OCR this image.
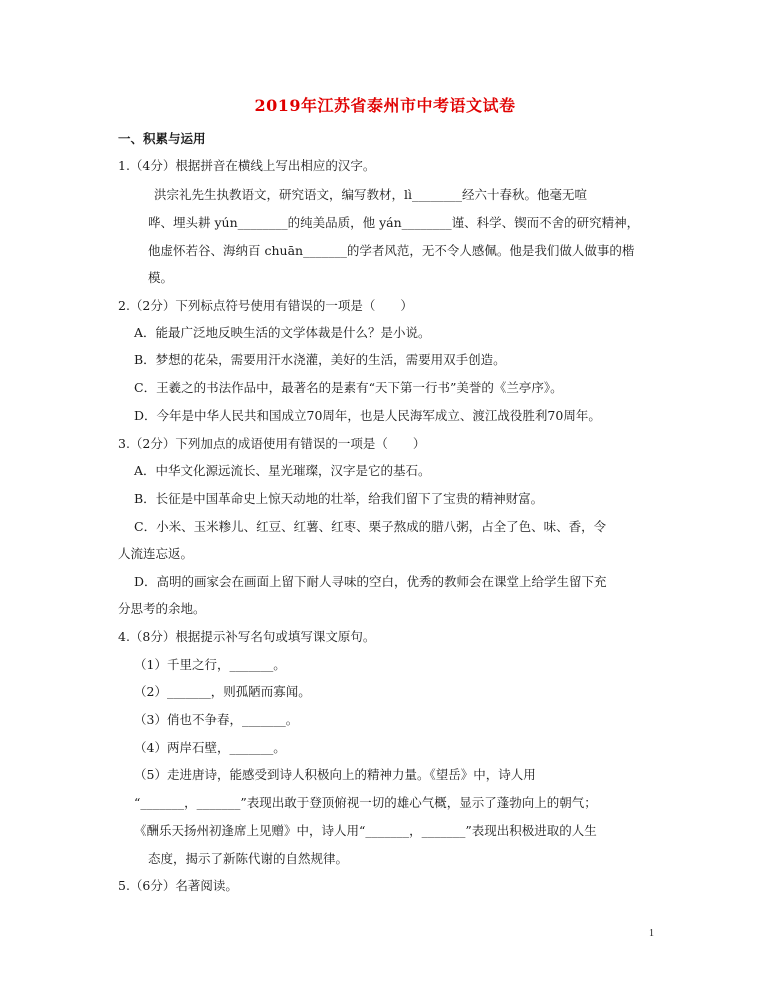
2019年江苏省泰州市中考语文试卷
一、积累与运用
1.（4分）根据拼音在横线上写出相应的汉字。
洪宗礼先生执教语文，研究语文，编写教材，lì________经六十春秋。他毫无喧
哗、埋头耕 yún________的纯美品质，他 yán________谨、科学、锲而不舍的研究精神，
他虚怀若谷、海纳百 chuān_______的学者风范，无不令人感佩。他是我们做人做事的楷
模。
2.（2分）下列标点符号使用有错误的一项是（　　）
A．能最广泛地反映生活的文学体裁是什么？是小说。
B．梦想的花朵，需要用汗水浇灌，美好的生活，需要用双手创造。
C．王羲之的书法作品中，最著名的是素有“天下第一行书”美誉的《兰亭序》。
D．今年是中华人民共和国成立70周年，也是人民海军成立、渡江战役胜利70周年。
3.（2分）下列加点的成语使用有错误的一项是（　　）
A．中华文化源远流长、星光璀璨，汉字是它的基石。
B．长征是中国革命史上惊天动地的壮举，给我们留下了宝贵的精神财富。
C．小米、玉米糁儿、红豆、红薯、红枣、栗子熬成的腊八粥，占全了色、味、香，令
人流连忘返。
D．高明的画家会在画面上留下耐人寻味的空白，优秀的教师会在课堂上给学生留下充
分思考的余地。
4.（8分）根据提示补写名句或填写课文原句。
（1）千里之行，_______。
（2）_______，则孤陋而寡闻。
（3）俏也不争春，_______。
（4）两岸石壁，_______。
（5）走进唐诗，能感受到诗人积极向上的精神力量。《望岳》中，诗人用
“_______，_______”表现出敢于登顶俯视一切的雄心气概，显示了蓬勃向上的朝气；
《酬乐天扬州初逢席上见赠》中，诗人用“_______，_______”表现出积极进取的人生
态度，揭示了新陈代谢的自然规律。
5.（6分）名著阅读。
1
